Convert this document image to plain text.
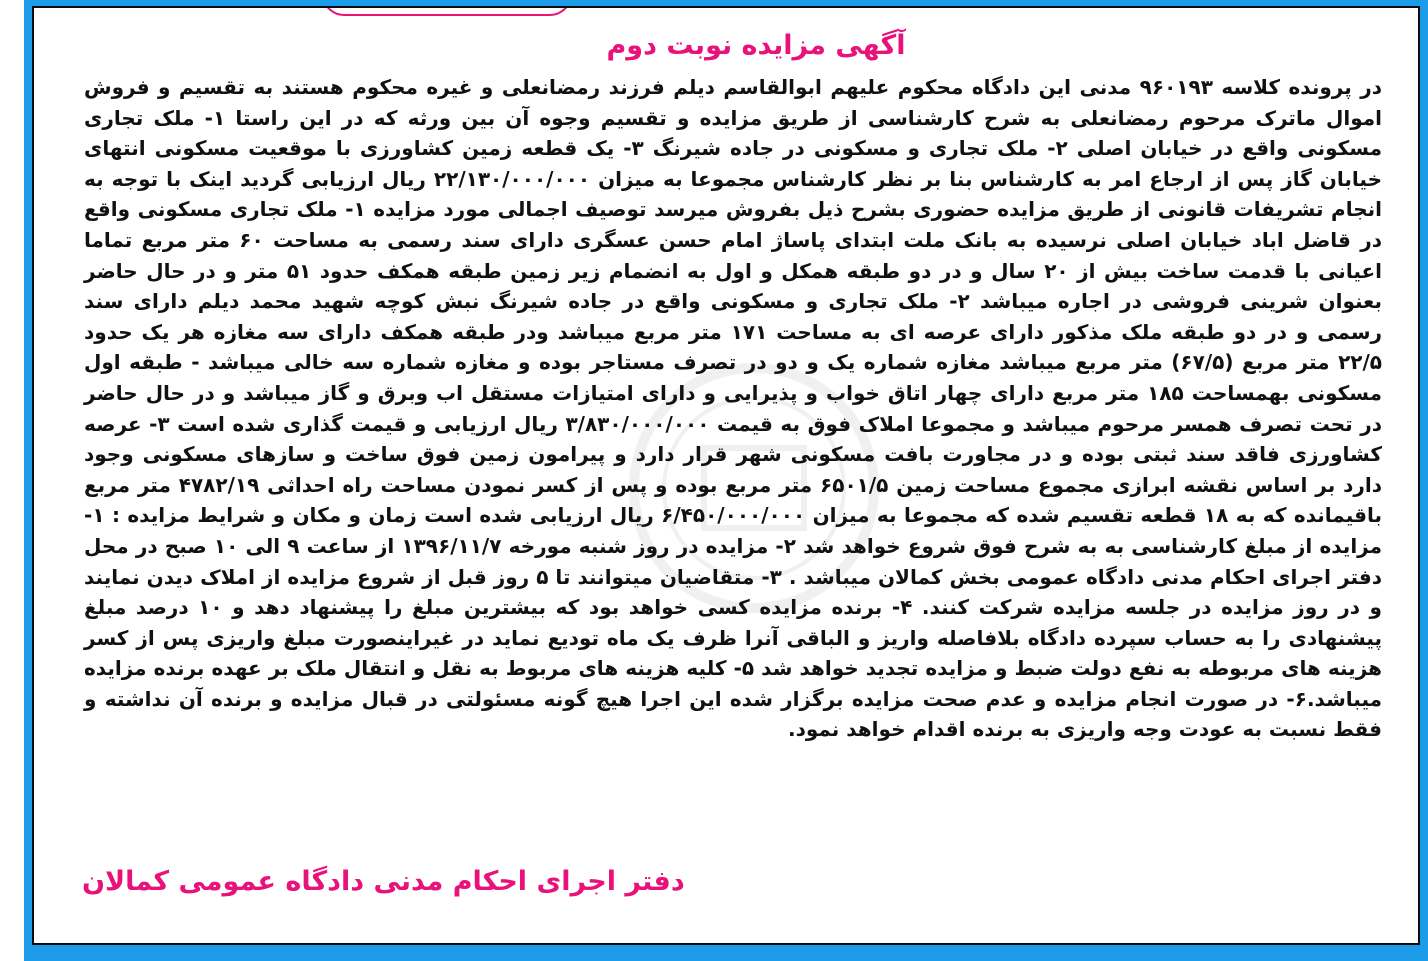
آگهی مزایده نوبت دوم
در پرونده کلاسه ۹۶۰۱۹۳ مدنی این دادگاه محکوم علیهم ابوالقاسم دیلم فرزند رمضانعلی و غیره محکوم هستند به تقسیم و فروش اموال ماترک مرحوم رمضانعلی به شرح کارشناسی از طریق مزایده و تقسیم وجوه آن بین ورثه که در این راستا ۱- ملک تجاری مسکونی واقع در خیابان اصلی ۲- ملک تجاری و مسکونی در جاده شیرنگ ۳- یک قطعه زمین کشاورزی با موقعیت مسکونی انتهای خیابان گاز پس از ارجاع امر به کارشناس بنا بر نظر کارشناس مجموعا به میزان ۲۲/۱۳۰/۰۰۰/۰۰۰ ریال ارزیابی گردید اینک با توجه به انجام تشریفات قانونی از طریق مزایده حضوری بشرح ذیل بفروش میرسد توصیف اجمالی مورد مزایده ۱- ملک تجاری مسکونی واقع در قاضل اباد خیابان اصلی نرسیده به بانک ملت ابتدای پاساژ امام حسن عسگری دارای سند رسمی به مساحت ۶۰ متر مربع تماما اعیانی با قدمت ساخت بیش از ۲۰ سال و در دو طبقه همکل و اول به انضمام زیر زمین طبقه همکف حدود ۵۱ متر و در حال حاضر بعنوان شرینی فروشی در اجاره میباشد ۲- ملک تجاری و مسکونی واقع در جاده شیرنگ نبش کوچه شهید محمد دیلم دارای سند رسمی و در دو طبقه ملک مذکور دارای عرصه ای به مساحت ۱۷۱ متر مربع میباشد ودر طبقه همکف دارای سه مغازه هر یک حدود ۲۲/۵ متر مربع (۶۷/۵) متر مربع میباشد مغازه شماره یک و دو در تصرف مستاجر بوده و مغازه شماره سه خالی میباشد - طبقه اول مسکونی بهمساحت ۱۸۵ متر مربع دارای چهار اتاق خواب و پذیرایی و دارای امتیازات مستقل اب وبرق و گاز میباشد و در حال حاضر در تحت تصرف همسر مرحوم میباشد و مجموعا املاک فوق به قیمت ۳/۸۳۰/۰۰۰/۰۰۰ ریال ارزیابی و قیمت گذاری شده است ۳- عرصه کشاورزی فاقد سند ثبتی بوده و در مجاورت بافت مسکونی شهر قرار دارد و پیرامون زمین فوق ساخت و سازهای مسکونی وجود دارد بر اساس نقشه ابرازی مجموع مساحت زمین ۶۵۰۱/۵ متر مربع بوده و پس از کسر نمودن مساحت راه احداثی ۴۷۸۲/۱۹ متر مربع باقیمانده که به ۱۸ قطعه تقسیم شده که مجموعا به میزان ۶/۴۵۰/۰۰۰/۰۰۰ ریال ارزیابی شده است زمان و مکان و شرایط مزایده : ۱- مزایده از مبلغ کارشناسی به به شرح فوق شروع خواهد شد ۲- مزایده در روز شنبه مورخه ۱۳۹۶/۱۱/۷ از ساعت ۹ الی ۱۰ صبح در محل دفتر اجرای احکام مدنی دادگاه عمومی بخش کمالان میباشد . ۳- متقاضیان میتوانند تا ۵ روز قبل از شروع مزایده از املاک دیدن نمایند و در روز مزایده در جلسه مزایده شرکت کنند. ۴- برنده مزایده کسی خواهد بود که بیشترین مبلغ را پیشنهاد دهد و ۱۰ درصد مبلغ پیشنهادی را به حساب سپرده دادگاه بلافاصله واریز و الباقی آنرا ظرف یک ماه تودیع نماید در غیراینصورت مبلغ واریزی پس از کسر هزینه های مربوطه به نفع دولت ضبط و مزایده تجدید خواهد شد ۵- کلیه هزینه های مربوط به نقل و انتقال ملک بر عهده برنده مزایده میباشد.۶- در صورت انجام مزایده و عدم صحت مزایده برگزار شده این اجرا هیچ گونه مسئولتی در قبال مزایده و برنده آن نداشته و فقط نسبت به عودت وجه واریزی به برنده اقدام خواهد نمود.
دفتر اجرای احکام مدنی دادگاه عمومی کمالان
